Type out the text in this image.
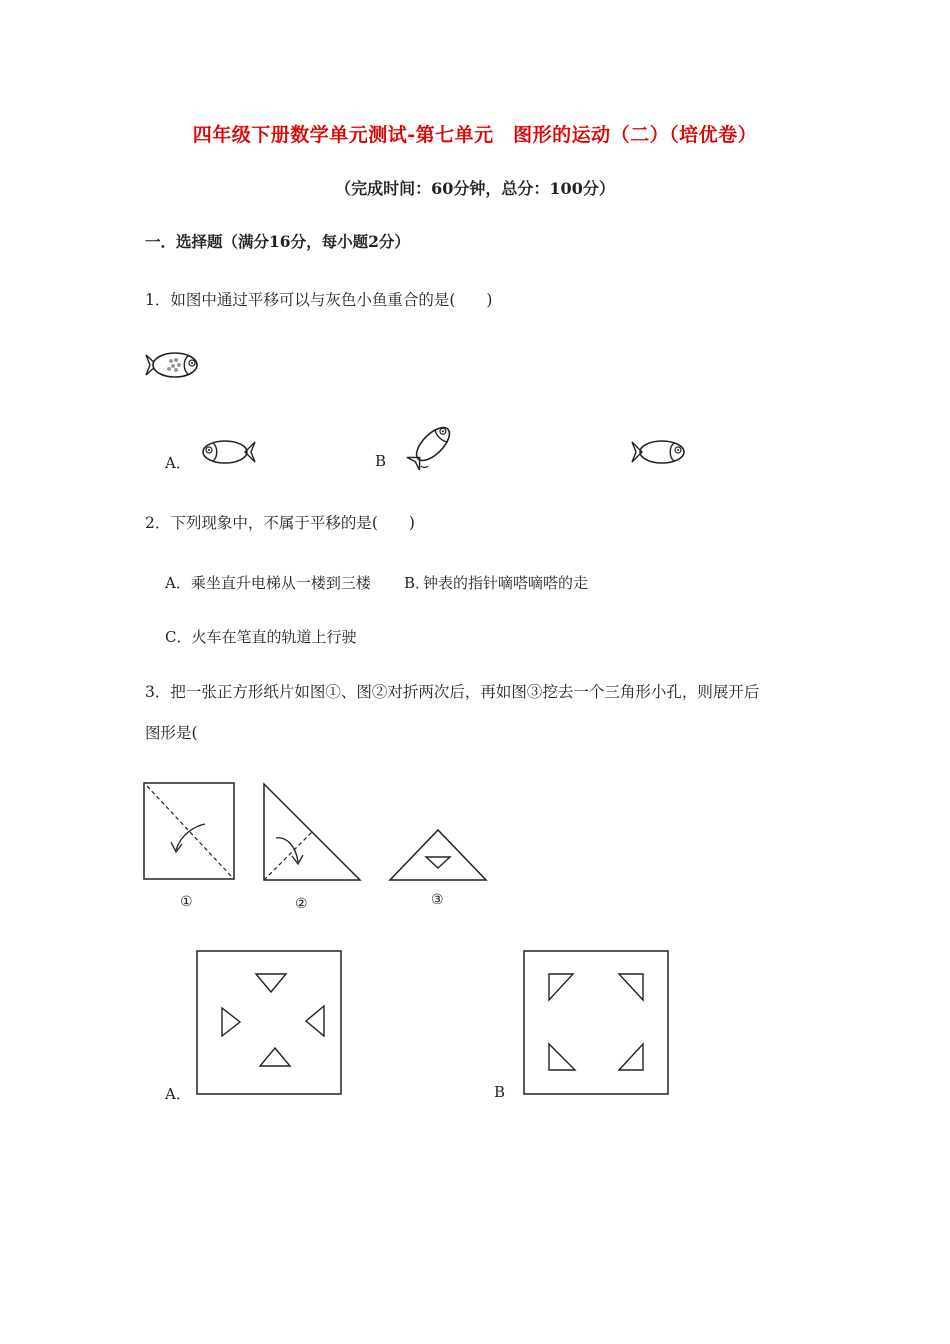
四年级下册数学单元测试-第七单元　图形的运动（二）（培优卷）
（完成时间：60分钟，总分：100分）
一．选择题（满分16分，每小题2分）
1．如图中通过平移可以与灰色小鱼重合的是(　　)
A．	B
2．下列现象中，不属于平移的是(　　)
A．乘坐直升电梯从一楼到三楼 B．
钟表的指针嘀嗒嘀嗒的走
C．火车在笔直的轨道上行驶
3．把一张正方形纸片如图①、图②对折两次后，再如图③挖去一个三角形小孔，则展开后
图形是(
①	②	③
A．	B
